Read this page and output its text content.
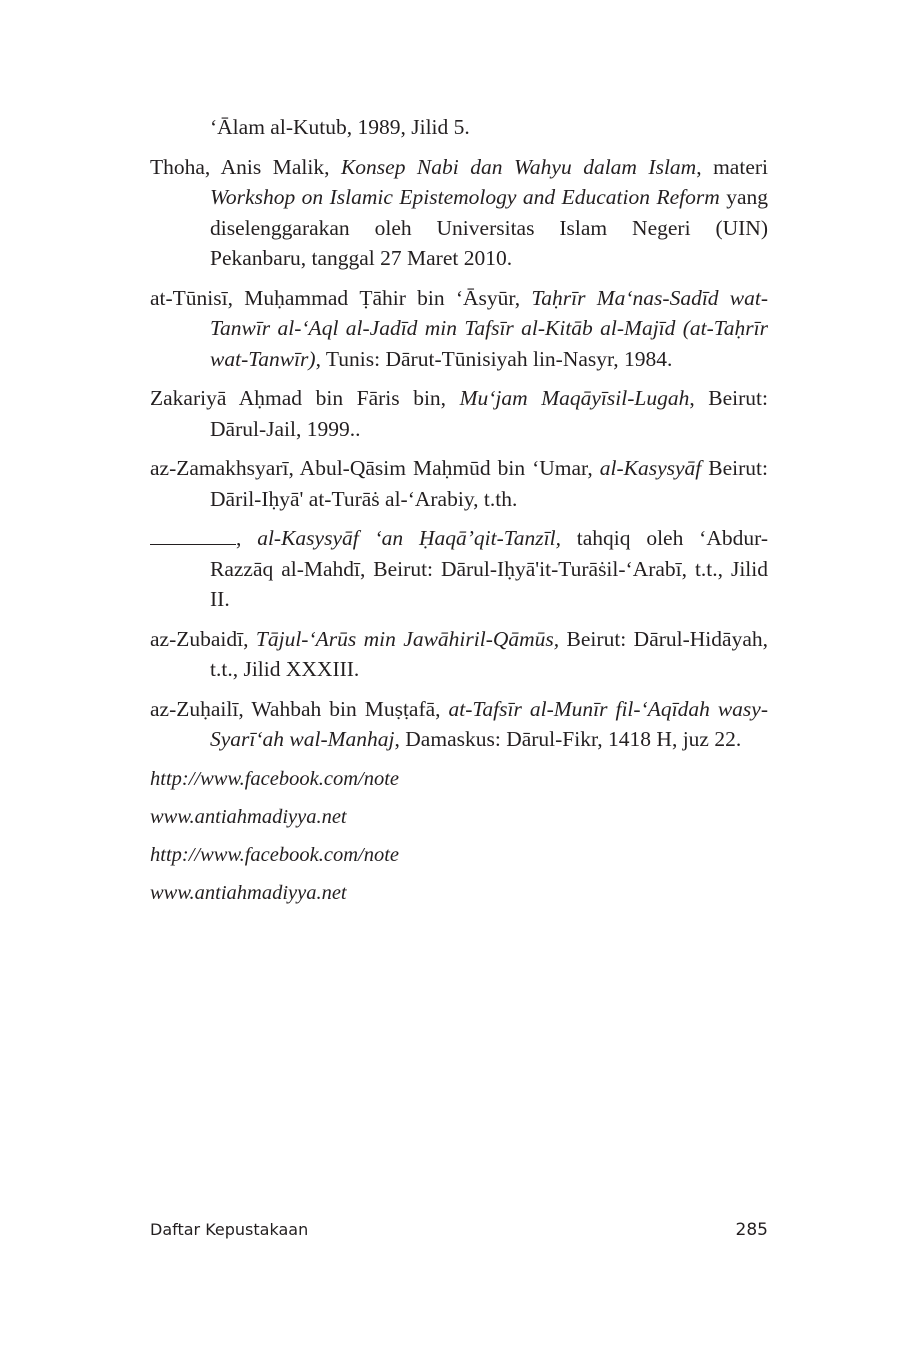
‘Ālam al-Kutub, 1989, Jilid 5.

Thoha, Anis Malik, Konsep Nabi dan Wahyu dalam Islam, materi Workshop on Islamic Epistemology and Education Reform yang diselenggarakan oleh Universitas Islam Negeri (UIN) Pekanbaru, tanggal 27 Maret 2010.

at-Tūnisī, Muḥammad Ṭāhir bin ‘Āsyūr, Taḥrīr Ma‘nas-Sadīd wat-Tanwīr al-‘Aql al-Jadīd min Tafsīr al-Kitāb al-Majīd (at-Taḥrīr wat-Tanwīr), Tunis: Dārut-Tūnisiyah lin-Nasyr, 1984.

Zakariyā Aḥmad bin Fāris bin, Mu‘jam Maqāyīsil-Lugah, Beirut: Dārul-Jail, 1999..

az-Zamakhsyarī, Abul-Qāsim Maḥmūd bin ‘Umar, al-Kasysyāf Beirut: Dāril-Iḥyā' at-Turāṡ al-‘Arabiy, t.th.

, al-Kasysyāf ‘an Ḥaqā’qit-Tanzīl, tahqiq oleh ‘Abdur-Razzāq al-Mahdī, Beirut: Dārul-Iḥyā'it-Turāṡil-‘Arabī, t.t., Jilid II.

az-Zubaidī, Tājul-‘Arūs min Jawāhiril-Qāmūs, Beirut: Dārul-Hidāyah, t.t., Jilid XXXIII.

az-Zuḥailī, Wahbah bin Muṣṭafā, at-Tafsīr al-Munīr fil-‘Aqīdah wasy-Syarī‘ah wal-Manhaj, Damaskus: Dārul-Fikr, 1418 H, juz 22.

http://www.facebook.com/note

www.antiahmadiyya.net

http://www.facebook.com/note

www.antiahmadiyya.net

Daftar Kepustakaan	285
